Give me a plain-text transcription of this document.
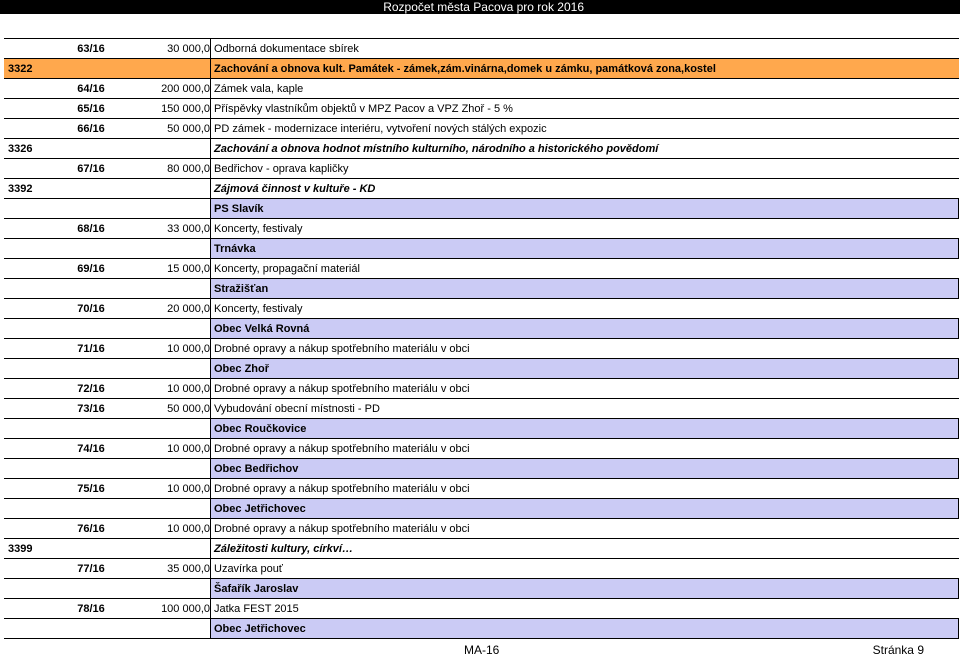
Rozpočet města Pacova pro rok 2016
	63/16	30 000,0	Odborná dokumentace sbírek
3322			Zachování a obnova kult. Památek - zámek,zám.vinárna,domek u zámku, památková zona,kostel
	64/16	200 000,0	Zámek vala, kaple
	65/16	150 000,0	Příspěvky vlastníkům objektů v MPZ Pacov a VPZ Zhoř - 5 %
	66/16	50 000,0	PD zámek - modernizace interiéru, vytvoření nových stálých expozic
3326			Zachování a obnova hodnot místního kulturního, národního a historického povědomí
	67/16	80 000,0	Bedřichov - oprava kapličky
3392			Zájmová činnost v kultuře - KD
			PS Slavík
	68/16	33 000,0	Koncerty, festivaly
			Trnávka
	69/16	15 000,0	Koncerty, propagační materiál
			Stražišťan
	70/16	20 000,0	Koncerty, festivaly
			Obec Velká Rovná
	71/16	10 000,0	Drobné opravy a nákup spotřebního materiálu v obci
			Obec Zhoř
	72/16	10 000,0	Drobné opravy a nákup spotřebního materiálu v obci
	73/16	50 000,0	Vybudování obecní místnosti - PD
			Obec Roučkovice
	74/16	10 000,0	Drobné opravy a nákup spotřebního materiálu v obci
			Obec Bedřichov
	75/16	10 000,0	Drobné opravy a nákup spotřebního materiálu v obci
			Obec Jetřichovec
	76/16	10 000,0	Drobné opravy a nákup spotřebního materiálu v obci
3399			Záležitosti kultury, církví…
	77/16	35 000,0	Uzavírka pouť
			Šafařík Jaroslav
	78/16	100 000,0	Jatka FEST 2015
			Obec Jetřichovec
MA-16	Stránka 9
